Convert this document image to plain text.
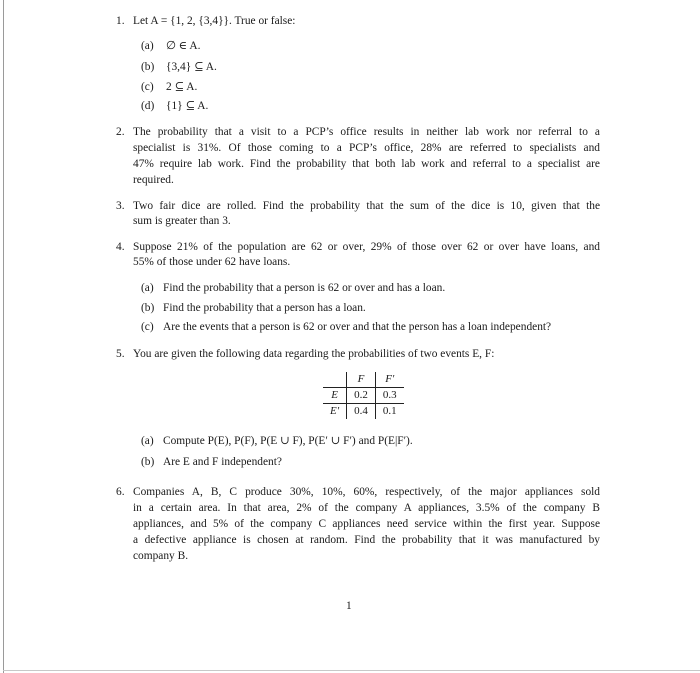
1. Let A = {1, 2, {3,4}}. True or false:
(a) ∅ ∈ A.
(b) {3,4} ⊆ A.
(c) 2 ⊆ A.
(d) {1} ⊆ A.
2. The probability that a visit to a PCP’s office results in neither lab work nor referral to a
specialist is 31%. Of those coming to a PCP’s office, 28% are referred to specialists and
47% require lab work. Find the probability that both lab work and referral to a specialist are
required.
3. Two fair dice are rolled. Find the probability that the sum of the dice is 10, given that the
sum is greater than 3.
4. Suppose 21% of the population are 62 or over, 29% of those over 62 or over have loans, and
55% of those under 62 have loans.
(a) Find the probability that a person is 62 or over and has a loan.
(b) Find the probability that a person has a loan.
(c) Are the events that a person is 62 or over and that the person has a loan independent?
5. You are given the following data regarding the probabilities of two events E, F:
	F	F′
E	0.2	0.3
E′	0.4	0.1
(a) Compute P(E), P(F), P(E ∪ F), P(E′ ∪ F′) and P(E|F′).
(b) Are E and F independent?
6. Companies A, B, C produce 30%, 10%, 60%, respectively, of the major appliances sold
in a certain area. In that area, 2% of the company A appliances, 3.5% of the company B
appliances, and 5% of the company C appliances need service within the first year. Suppose
a defective appliance is chosen at random. Find the probability that it was manufactured by
company B.
1
